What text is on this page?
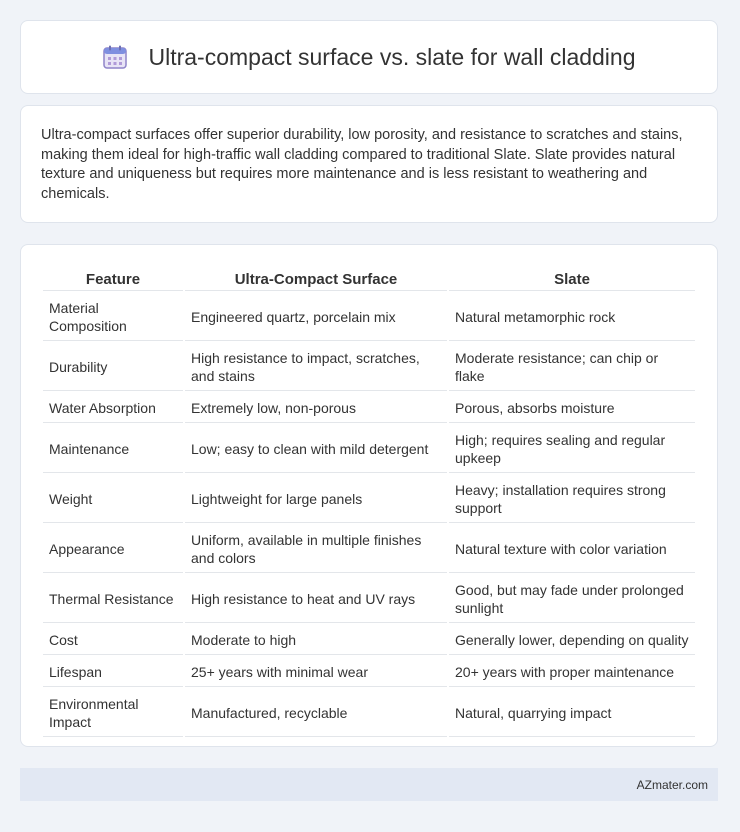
Ultra-compact surface vs. slate for wall cladding

Ultra-compact surfaces offer superior durability, low porosity, and resistance to scratches and stains, making them ideal for high-traffic wall cladding compared to traditional Slate. Slate provides natural texture and uniqueness but requires more maintenance and is less resistant to weathering and chemicals.

Feature	Ultra-Compact Surface	Slate
Material Composition	Engineered quartz, porcelain mix	Natural metamorphic rock
Durability	High resistance to impact, scratches, and stains	Moderate resistance; can chip or flake
Water Absorption	Extremely low, non-porous	Porous, absorbs moisture
Maintenance	Low; easy to clean with mild detergent	High; requires sealing and regular upkeep
Weight	Lightweight for large panels	Heavy; installation requires strong support
Appearance	Uniform, available in multiple finishes and colors	Natural texture with color variation
Thermal Resistance	High resistance to heat and UV rays	Good, but may fade under prolonged sunlight
Cost	Moderate to high	Generally lower, depending on quality
Lifespan	25+ years with minimal wear	20+ years with proper maintenance
Environmental Impact	Manufactured, recyclable	Natural, quarrying impact
AZmater.com
